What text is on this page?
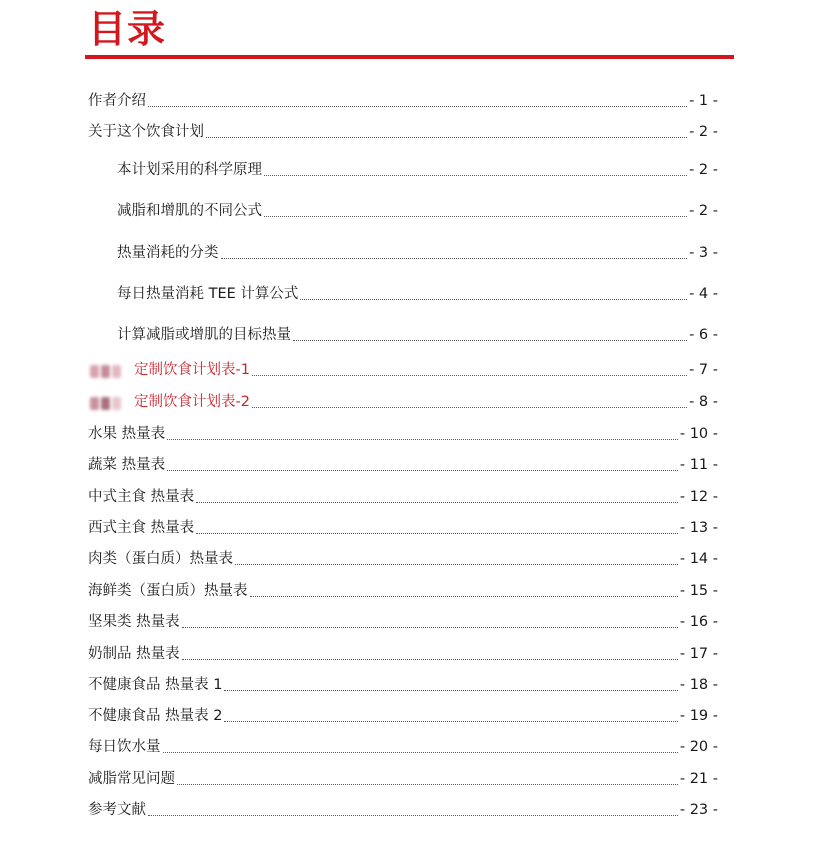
目录
作者介绍	- 1 -
关于这个饮食计划	- 2 -
本计划采用的科学原理	- 2 -
减脂和增肌的不同公式	- 2 -
热量消耗的分类	- 3 -
每日热量消耗 TEE 计算公式	- 4 -
计算减脂或增肌的目标热量	- 6 -
定制饮食计划表-1	- 7 -
定制饮食计划表-2	- 8 -
水果 热量表	- 10 -
蔬菜 热量表	- 11 -
中式主食 热量表	- 12 -
西式主食 热量表	- 13 -
肉类（蛋白质）热量表	- 14 -
海鲜类（蛋白质）热量表	- 15 -
坚果类 热量表	- 16 -
奶制品 热量表	- 17 -
不健康食品 热量表 1	- 18 -
不健康食品 热量表 2	- 19 -
每日饮水量	- 20 -
减脂常见问题	- 21 -
参考文献	- 23 -
